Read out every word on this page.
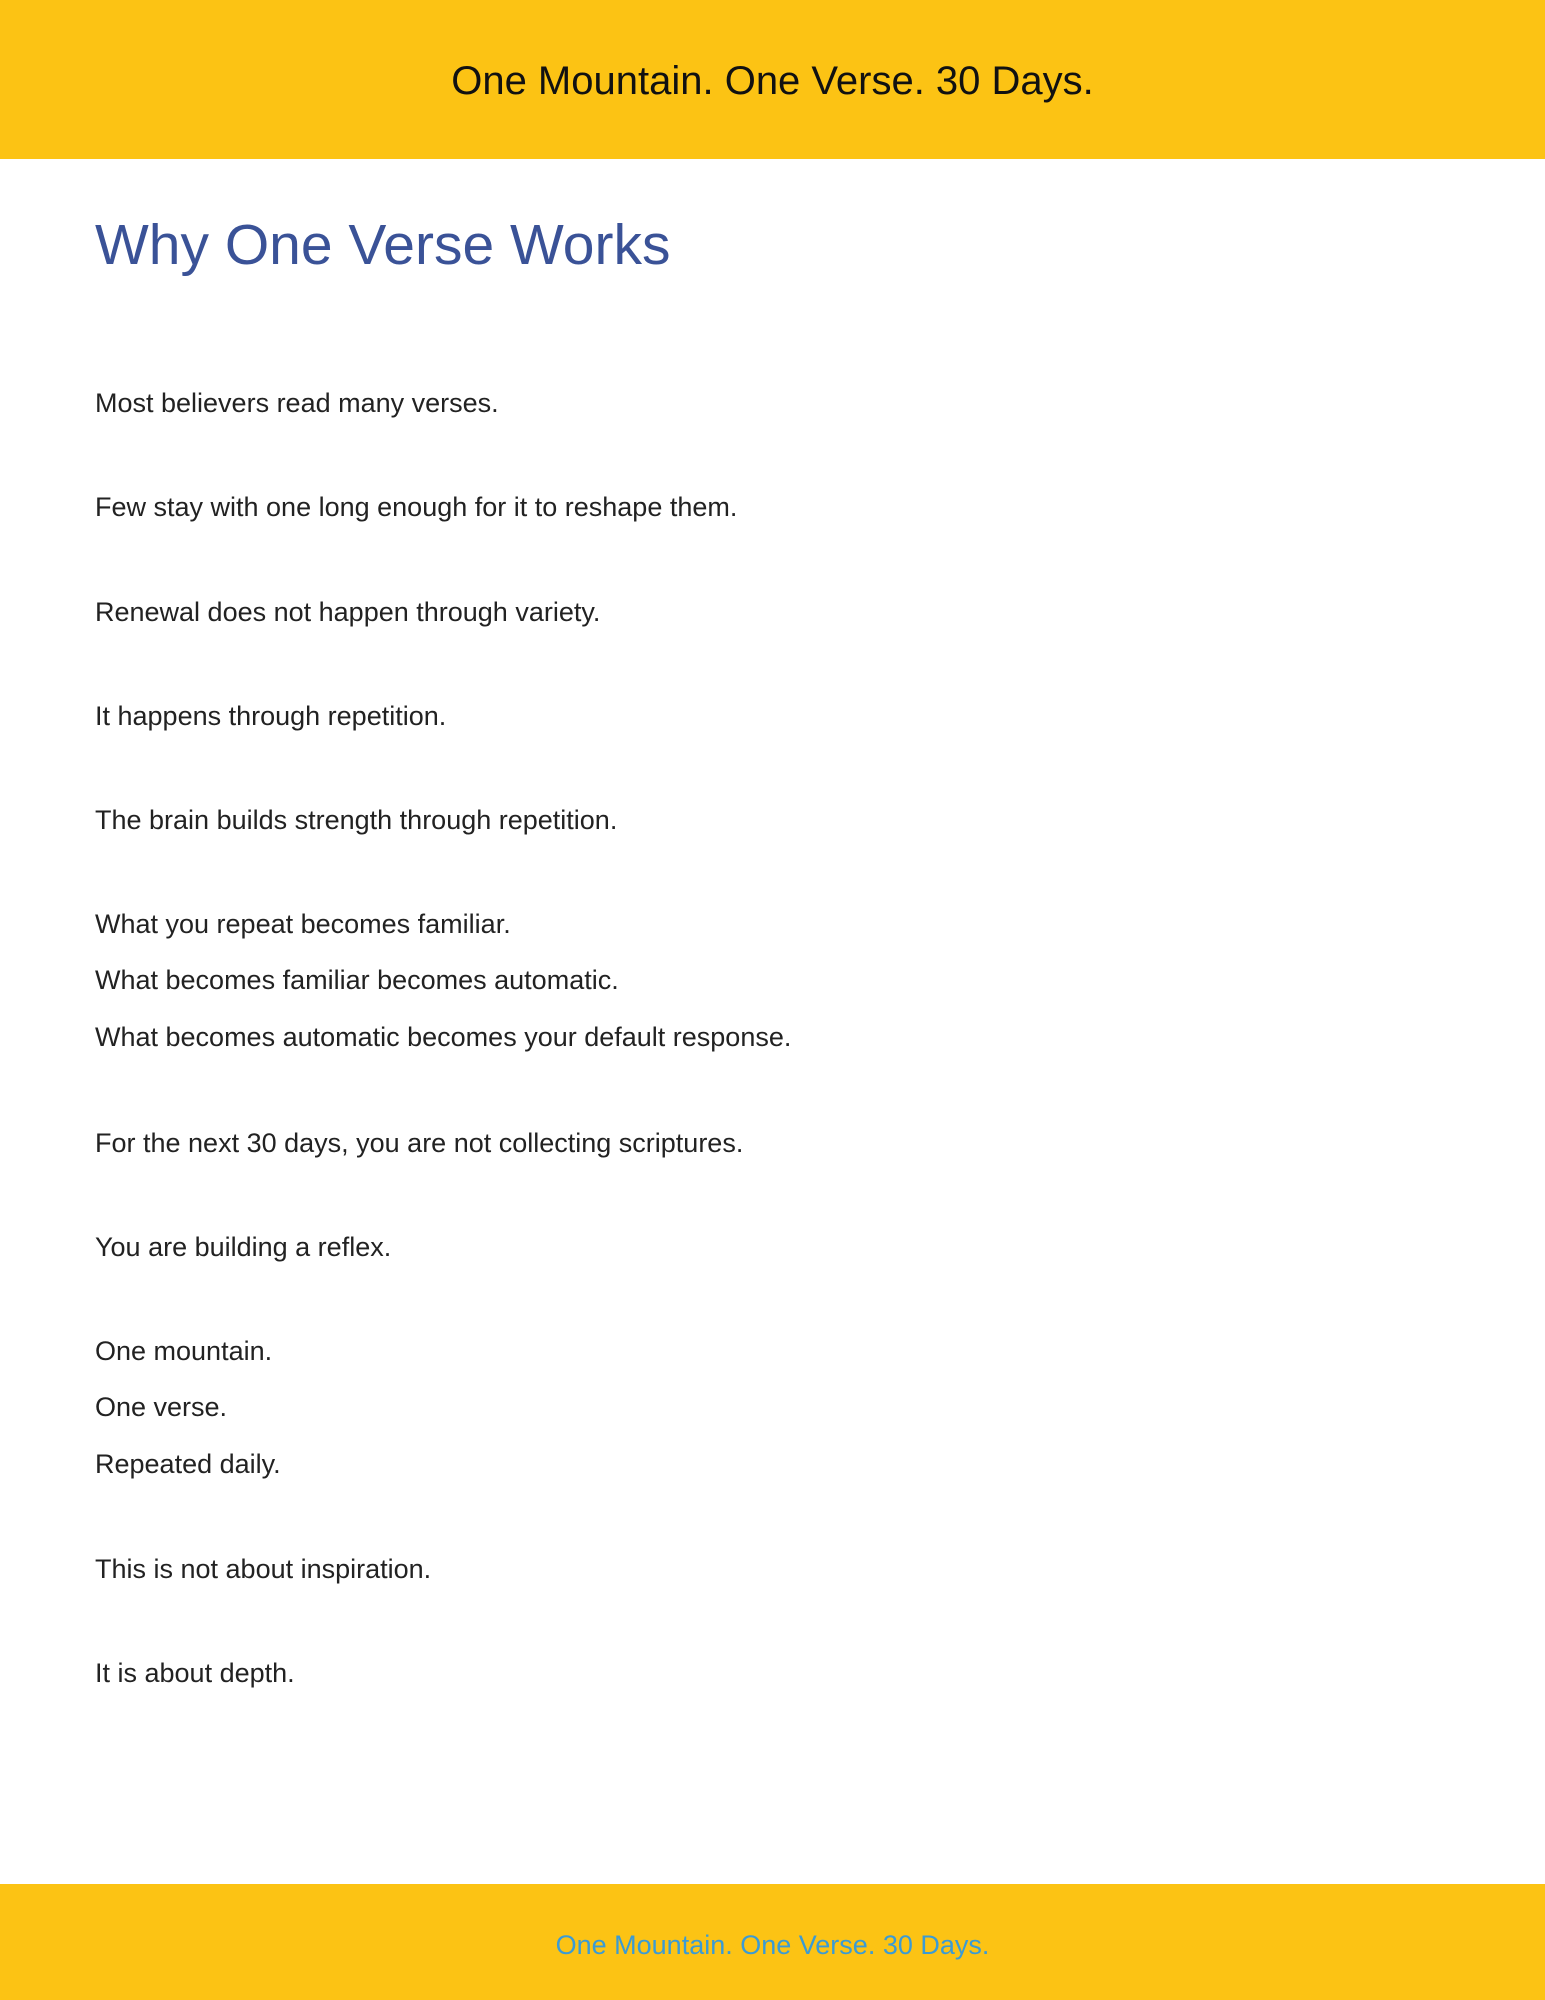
One Mountain. One Verse. 30 Days.
Why One Verse Works

Most believers read many verses.

Few stay with one long enough for it to reshape them.

Renewal does not happen through variety.

It happens through repetition.

The brain builds strength through repetition.

What you repeat becomes familiar.

What becomes familiar becomes automatic.

What becomes automatic becomes your default response.

For the next 30 days, you are not collecting scriptures.

You are building a reflex.

One mountain.

One verse.

Repeated daily.

This is not about inspiration.

It is about depth.

One Mountain. One Verse. 30 Days.
